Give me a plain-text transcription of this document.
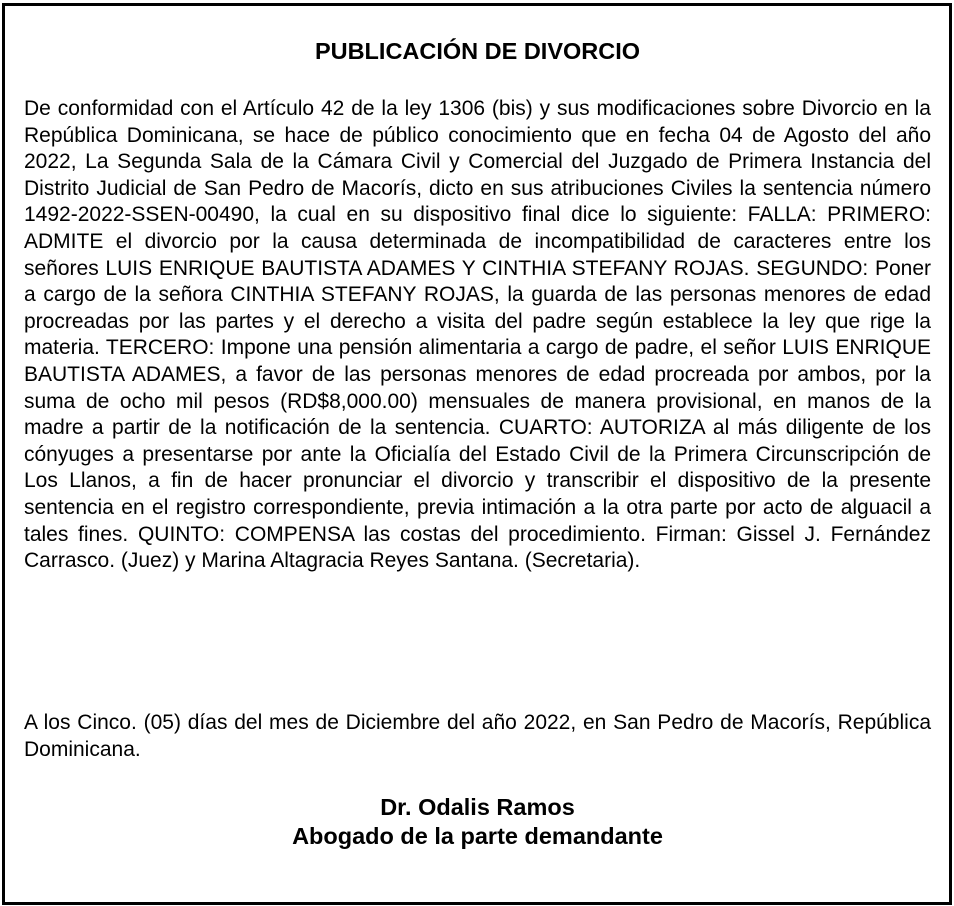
PUBLICACIÓN DE DIVORCIO

De conformidad con el Artículo 42 de la ley 1306 (bis) y sus modificaciones sobre Divorcio en la República Dominicana, se hace de público conocimiento que en fecha 04 de Agosto del año 2022, La Segunda Sala de la Cámara Civil y Comercial del Juzgado de Primera Instancia del Distrito Judicial de San Pedro de Macorís, dicto en sus atribuciones Civiles la sentencia número 1492-2022-SSEN-00490, la cual en su dispositivo final dice lo siguiente: FALLA: PRIMERO: ADMITE el divorcio por la causa determinada de incompatibilidad de caracteres entre los señores LUIS ENRIQUE BAUTISTA ADAMES Y CINTHIA STEFANY ROJAS. SEGUNDO: Poner a cargo de la señora CINTHIA STEFANY ROJAS, la guarda de las personas menores de edad procreadas por las partes y el derecho a visita del padre según establece la ley que rige la materia. TERCERO: Impone una pensión alimentaria a cargo de padre, el señor LUIS ENRIQUE BAUTISTA ADAMES, a favor de las personas menores de edad procreada por ambos, por la suma de ocho mil pesos (RD$8,000.00) mensuales de manera provisional, en manos de la madre a partir de la notificación de la sentencia. CUARTO: AUTORIZA al más diligente de los cónyuges a presentarse por ante la Oficialía del Estado Civil de la Primera Circunscripción de Los Llanos, a fin de hacer pronunciar el divorcio y transcribir el dispositivo de la presente sentencia en el registro correspondiente, previa intimación a la otra parte por acto de alguacil a tales fines. QUINTO: COMPENSA las costas del procedimiento. Firman: Gissel J. Fernández Carrasco. (Juez) y Marina Altagracia Reyes Santana. (Secretaria).

A los Cinco. (05) días del mes de Diciembre del año 2022, en San Pedro de Macorís, República Dominicana.

Dr. Odalis Ramos
Abogado de la parte demandante
